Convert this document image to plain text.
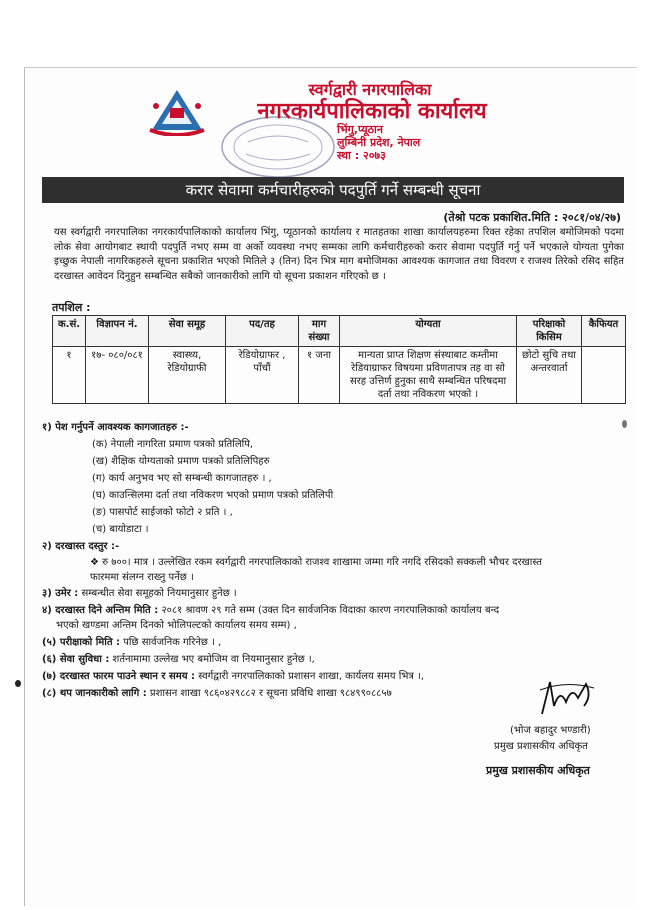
स्वर्गद्वारी नगरपालिका
नगरकार्यपालिकाको कार्यालय
भिंगु,प्यूठान
लुम्बिनी प्रदेश, नेपाल
स्था : २०७३
करार सेवामा कर्मचारीहरुको पदपुर्ति गर्ने सम्बन्धी सूचना
(तेश्रो पटक प्रकाशित.मिति : २०८१/०४/२७)
यस स्वर्गद्वारी नगरपालिका नगरकार्यपालिकाको कार्यालय भिंगु, प्यूठानको कार्यालय र मातहतका शाखा कार्यालयहरुमा रिक्त रहेका तपशिल बमोजिमको पदमा लोक सेवा आयोगबाट स्थायी पदपुर्ति नभए सम्म वा अर्को व्यवस्था नभए सम्मका लागि कर्मचारीहरुको करार सेवामा पदपुर्ति गर्नु पर्ने भएकाले योग्यता पुगेका इच्छुक नेपाली नागरिकहरुले सूचना प्रकाशित भएको मितिले ३ (तिन) दिन भित्र माग बमोजिमका आवश्यक कागजात तथा विवरण र राजश्व तिरेको रसिद सहित दरखास्त आवेदन दिनुहुन सम्बन्धित सबैको जानकारीको लागि यो सूचना प्रकाशन गरिएको छ ।
तपशिल :
क.सं.	विज्ञापन नं.	सेवा समूह	पद/तह	माग संख्या	योग्यता	परिक्षाको किसिम	कैफियत
१	१७- ०८०/०८१	स्वास्थ्य, रेडियोग्राफी	रेडियोग्राफर , पाँचौं	१ जना	मान्यता प्राप्त शिक्षण संस्थाबाट कम्तीमा रेडियाग्राफर विषयमा प्रविणतापत्र तह वा सो सरह उत्तिर्ण हुनुका साथै सम्बन्धित परिषदमा दर्ता तथा नविकरण भएको ।	छोटो सुचि तथा अन्तरवार्ता	
१) पेश गर्नुपर्ने आवश्यक कागजातहरु :-
(क) नेपाली नागरिता प्रमाण पत्रको प्रतिलिपि,
(ख) शैक्षिक योग्यताको प्रमाण पत्रको प्रतिलिपिहरु
(ग) कार्य अनुभव भए सो सम्बन्धी कागजातहरु । ,
(घ) काउन्सिलमा दर्ता तथा नविकरण भएको प्रमाण पत्रको प्रतिलिपी
(ङ) पासपोर्ट साईजको फोटो २ प्रति । ,
(च) बायोडाटा ।
२) दरखास्त दस्तुर :-
❖ रु ७००। मात्र । उल्लेखित रकम स्वर्गद्वारी नगरपालिकाको राजश्व शाखामा जम्मा गरि नगदि रसिदको सक्कली भौचर दरखास्त
फारममा संलग्न राख्नु पर्नेछ ।
३) उमेर : सम्बन्धीत सेवा समूहको नियमानुसार हुनेछ ।
४) दरखास्त दिने अन्तिम मिति : २०८१ श्रावण २९ गते सम्म (उक्त दिन सार्वजनिक विदाका कारण नगरपालिकाको कार्यालय बन्द
भएको खण्डमा अन्तिम दिनको भोलिपल्टको कार्यालय समय सम्म) ,
(५) परीक्षाको मिति : पछि सार्वजनिक गरिनेछ । ,
(६) सेवा सुविधा : शर्तनामामा उल्लेख भए बमोजिम वा नियमानुसार हुनेछ ।,
(७) दरखास्त फारम पाउने स्थान र समय : स्वर्गद्वारी नगरपालिकाको प्रशासन शाखा, कार्यलय समय भित्र ।,
(८) थप जानकारीको लागि : प्रशासन शाखा ९८६०४२९८८२ र सूचना प्रविधि शाखा ९८४९९०८८५७
(भोज बहादुर भण्डारी)
प्रमुख प्रशासकीय अधिकृत
प्रमुख प्रशासकीय अधिकृत
